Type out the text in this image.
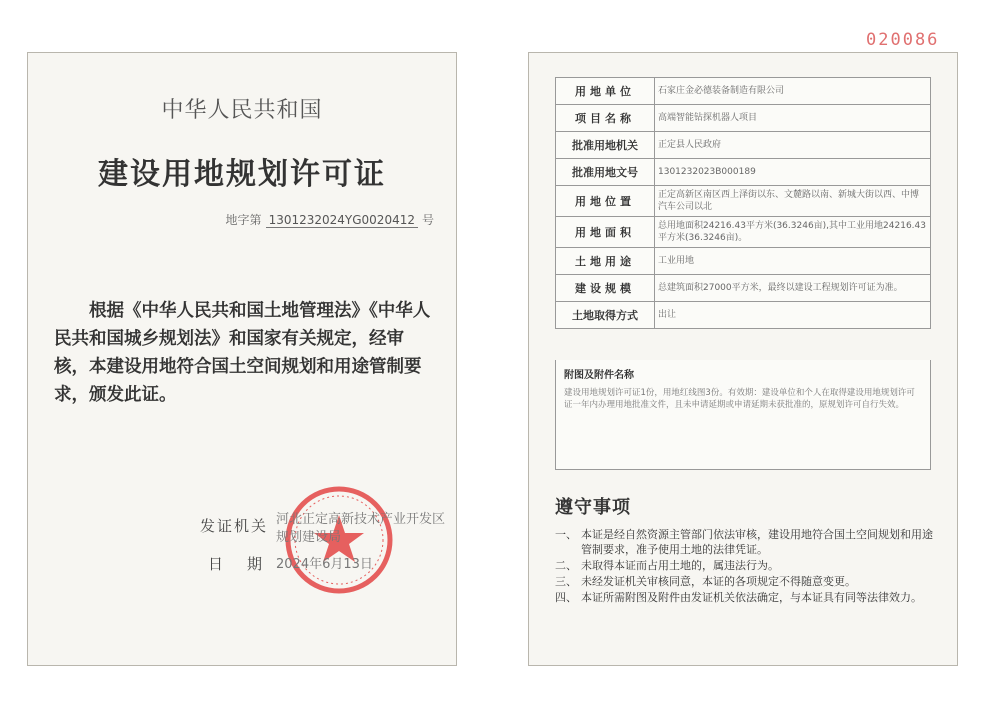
中华人民共和国
建设用地规划许可证
地字第 1301232024YG0020412 号

根据《中华人民共和国土地管理法》《中华人民共和国城乡规划法》和国家有关规定，经审核，本建设用地符合国土空间规划和用途管制要求，颁发此证。

发证机关 河北正定高新技术产业开发区规划建设局
日期
2024年6月13日
020086
用地单位	石家庄金必德装备制造有限公司
项目名称	高端智能钻探机器人项目
批准用地机关	正定县人民政府
批准用地文号	1301232023B000189
用地位置	正定高新区南区西上泽街以东、文麓路以南、新城大街以西、中博汽车公司以北
用地面积	总用地面积24216.43平方米(36.3246亩),其中工业用地24216.43平方米(36.3246亩)。
土地用途	工业用地
建设规模	总建筑面积27000平方米，最终以建设工程规划许可证为准。
土地取得方式	出让
附图及附件名称
建设用地规划许可证1份，用地红线图3份。有效期：建设单位和个人在取得建设用地规划许可证一年内办理用地批准文件，且未申请延期或申请延期未获批准的，原规划许可自行失效。
遵守事项
一、 本证是经自然资源主管部门依法审核，建设用地符合国土空间规划和用途管制要求，准予使用土地的法律凭证。
二、 未取得本证而占用土地的，属违法行为。
三、 未经发证机关审核同意，本证的各项规定不得随意变更。
四、 本证所需附图及附件由发证机关依法确定，与本证具有同等法律效力。
